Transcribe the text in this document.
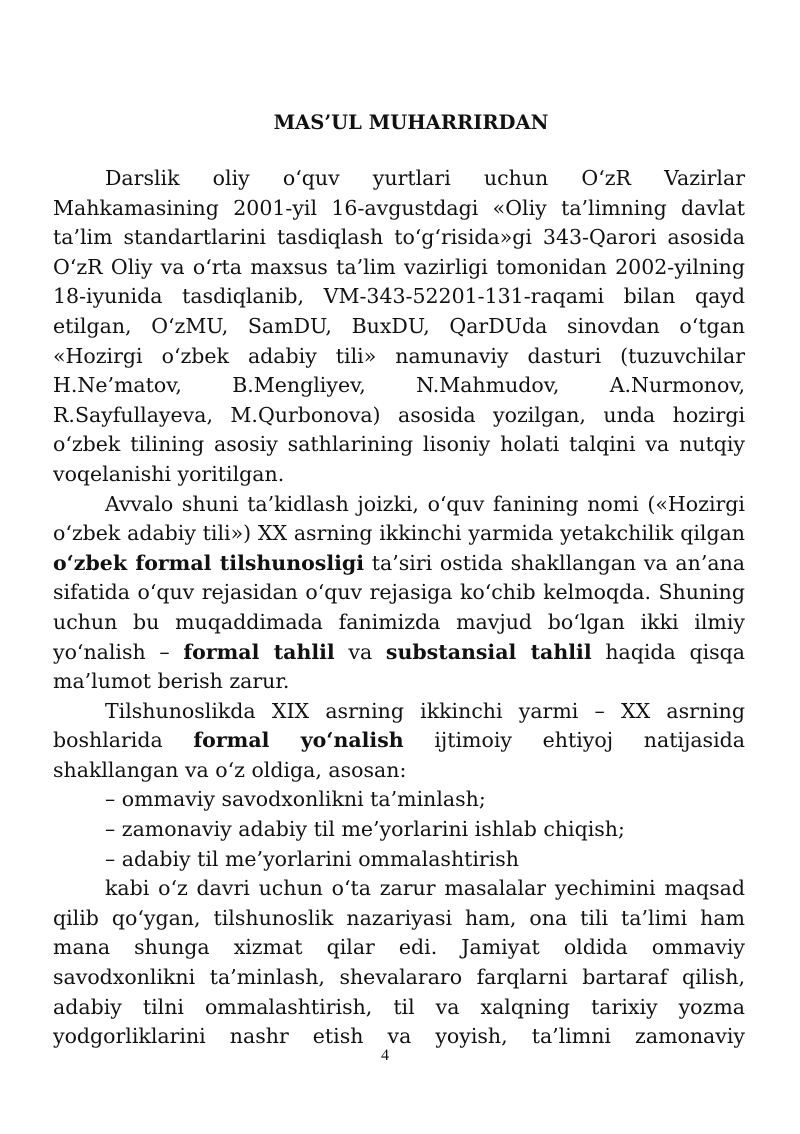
MAS’UL MUHARRIRDAN

Darslik oliy o‘quv yurtlari uchun O‘zR Vazirlar Mahkamasining 2001-yil 16-avgustdagi «Oliy ta’limning davlat ta’lim standartlarini tasdiqlash to‘g‘risida»gi 343-Qarori asosida O‘zR Oliy va o‘rta maxsus ta’lim vazirligi tomonidan 2002-yilning 18-iyunida tasdiqlanib, VM-343-52201-131-raqami bilan qayd etilgan, O‘zMU, SamDU, BuxDU, QarDUda sinovdan o‘tgan «Hozirgi o‘zbek adabiy tili» namunaviy dasturi (tuzuvchilar H.Ne’matov, B.Mengliyev, N.Mahmudov, A.Nurmonov, R.Sayfullayeva, M.Qurbonova) asosida yozilgan, unda hozirgi o‘zbek tilining asosiy sathlarining lisoniy holati talqini va nutqiy voqelanishi yoritilgan.

Avvalo shuni ta’kidlash joizki, o‘quv fanining nomi («Hozirgi o‘zbek adabiy tili») XX asrning ikkinchi yarmida yetakchilik qilgan o‘zbek formal tilshunosligi ta’siri ostida shakllangan va an’ana sifatida o‘quv rejasidan o‘quv rejasiga ko‘chib kelmoqda. Shuning uchun bu muqaddimada fanimizda mavjud bo‘lgan ikki ilmiy yo‘nalish – formal tahlil va substansial tahlil haqida qisqa ma’lumot berish zarur.

Tilshunoslikda XIX asrning ikkinchi yarmi – XX asrning boshlarida formal yo‘nalish ijtimoiy ehtiyoj natijasida shakllangan va o‘z oldiga, asosan:

– ommaviy savodxonlikni ta’minlash;

– zamonaviy adabiy til me’yorlarini ishlab chiqish;

– adabiy til me’yorlarini ommalashtirish

kabi o‘z davri uchun o‘ta zarur masalalar yechimini maqsad qilib qo‘ygan, tilshunoslik nazariyasi ham, ona tili ta’limi ham mana shunga xizmat qilar edi. Jamiyat oldida ommaviy savodxonlikni ta’minlash, shevalararo farqlarni bartaraf qilish, adabiy tilni ommalashtirish, til va xalqning tarixiy yozma yodgorliklarini nashr etish va yoyish, ta’limni zamonaviy

4
